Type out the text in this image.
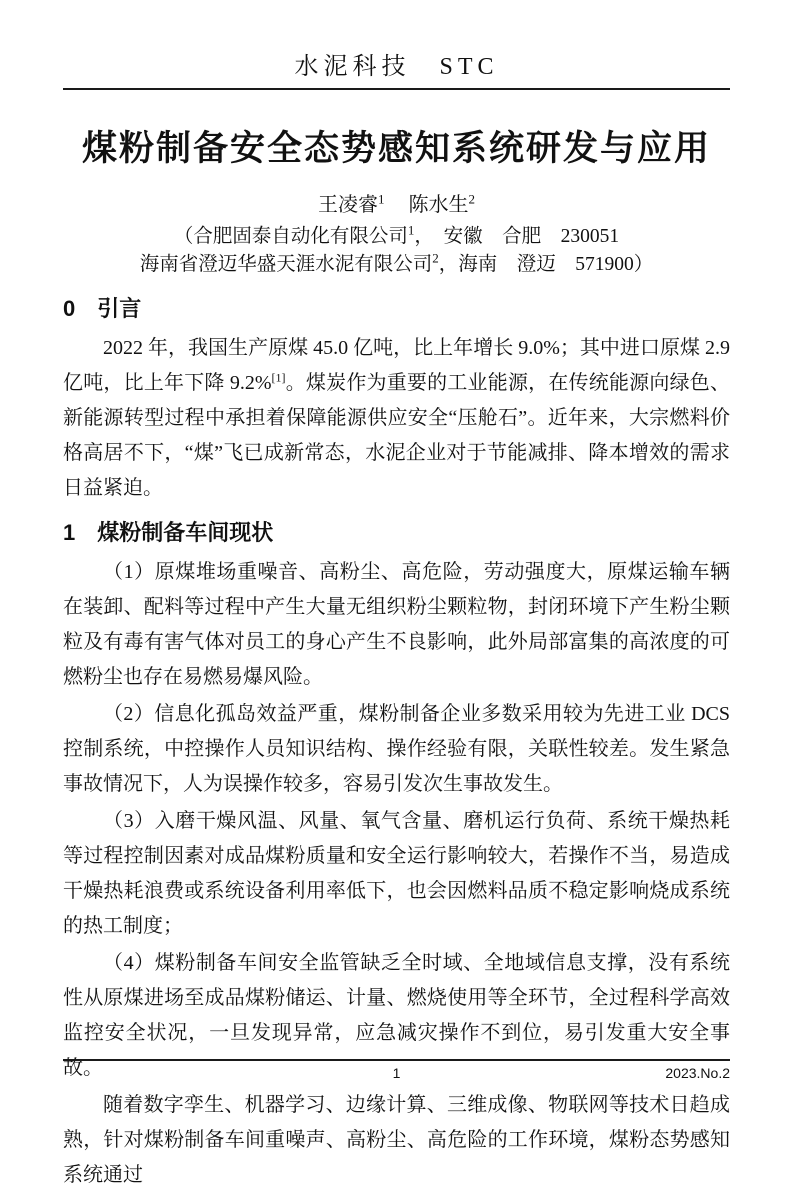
水泥科技　STC
煤粉制备安全态势感知系统研发与应用
王凌睿$^1$ 陈水生$^2$
（合肥固泰自动化有限公司$^1$，　安徽　合肥　230051
海南省澄迈华盛天涯水泥有限公司$^2$，海南　澄迈　571900）
0　引言

2022 年，我国生产原煤 45.0 亿吨，比上年增长 9.0%；其中进口原煤 2.9 亿吨，比上年下降 9.2%[1]。煤炭作为重要的工业能源，在传统能源向绿色、新能源转型过程中承担着保障能源供应安全“压舱石”。近年来，大宗燃料价格高居不下，“煤”飞已成新常态，水泥企业对于节能减排、降本增效的需求日益紧迫。

1　煤粉制备车间现状

（1）原煤堆场重噪音、高粉尘、高危险，劳动强度大，原煤运输车辆在装卸、配料等过程中产生大量无组织粉尘颗粒物，封闭环境下产生粉尘颗粒及有毒有害气体对员工的身心产生不良影响，此外局部富集的高浓度的可燃粉尘也存在易燃易爆风险。

（2）信息化孤岛效益严重，煤粉制备企业多数采用较为先进工业 DCS 控制系统，中控操作人员知识结构、操作经验有限，关联性较差。发生紧急事故情况下，人为误操作较多，容易引发次生事故发生。

（3）入磨干燥风温、风量、氧气含量、磨机运行负荷、系统干燥热耗等过程控制因素对成品煤粉质量和安全运行影响较大，若操作不当，易造成干燥热耗浪费或系统设备利用率低下，也会因燃料品质不稳定影响烧成系统的热工制度；

（4）煤粉制备车间安全监管缺乏全时域、全地域信息支撑，没有系统性从原煤进场至成品煤粉储运、计量、燃烧使用等全环节，全过程科学高效监控安全状况，一旦发现异常，应急减灾操作不到位，易引发重大安全事故。

随着数字孪生、机器学习、边缘计算、三维成像、物联网等技术日趋成熟，针对煤粉制备车间重噪声、高粉尘、高危险的工作环境，煤粉态势感知系统通过

1	2023.No.2
